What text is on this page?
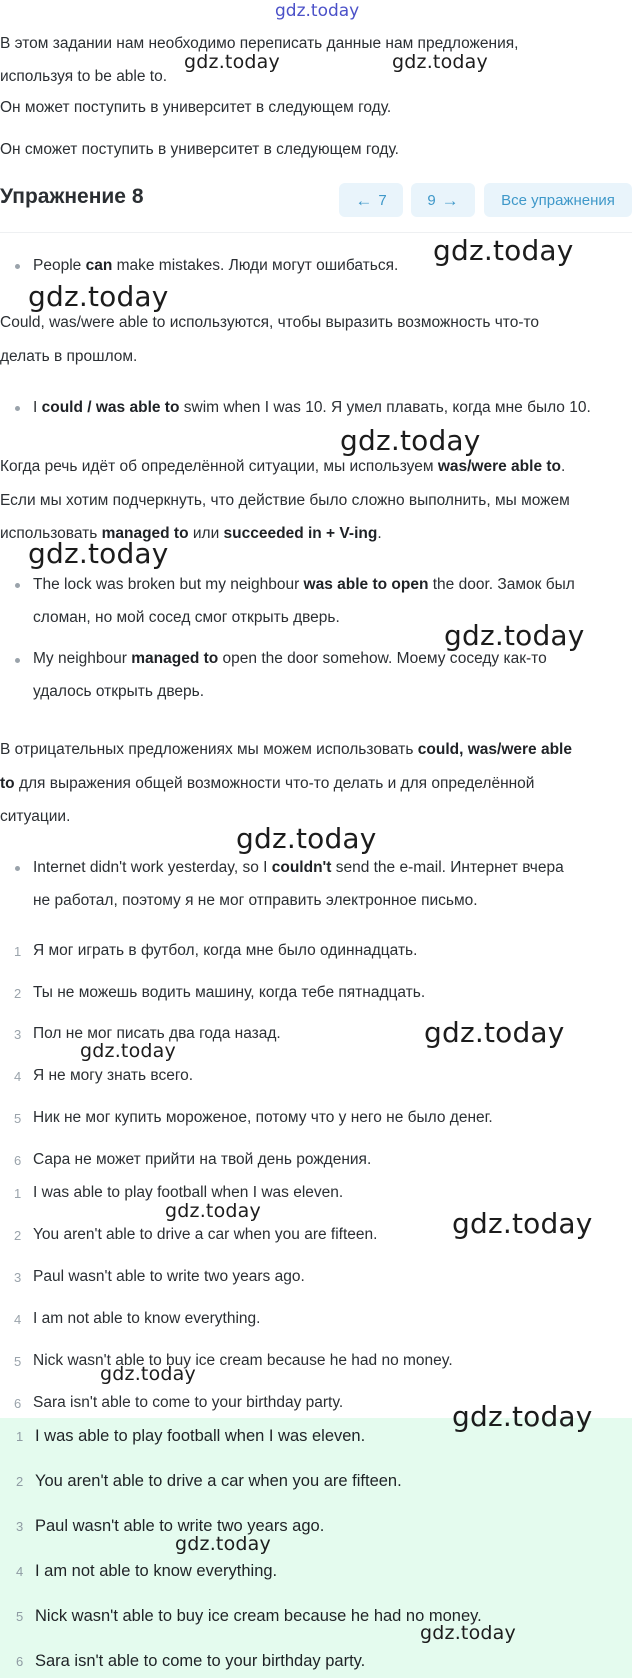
gdz.today
В этом задании нам необходимо переписать данные нам предложения,
используя to be able to.
Он может поступить в университет в следующем году.
Он сможет поступить в университет в следующем году.
Упражнение 8	← 7	9 →	Все упражнения
People can make mistakes. Люди могут ошибаться.
Could, was/were able to используются, чтобы выразить возможность что-то
делать в прошлом.
I could / was able to swim when I was 10. Я умел плавать, когда мне было 10.
Когда речь идёт об определённой ситуации, мы используем was/were able to.
Если мы хотим подчеркнуть, что действие было сложно выполнить, мы можем
использовать managed to или succeeded in + V-ing.
The lock was broken but my neighbour was able to open the door. Замок был
сломан, но мой сосед смог открыть дверь.
My neighbour managed to open the door somehow. Моему соседу как-то
удалось открыть дверь.
В отрицательных предложениях мы можем использовать could, was/were able
to для выражения общей возможности что-то делать и для определённой
ситуации.
Internet didn't work yesterday, so I couldn't send the e-mail. Интернет вчера
не работал, поэтому я не мог отправить электронное письмо.
1 Я мог играть в футбол, когда мне было одиннадцать.
2 Ты не можешь водить машину, когда тебе пятнадцать.
3 Пол не мог писать два года назад.
4 Я не могу знать всего.
5 Ник не мог купить мороженое, потому что у него не было денег.
6 Сара не может прийти на твой день рождения.
1 I was able to play football when I was eleven.
2 You aren't able to drive a car when you are fifteen.
3 Paul wasn't able to write two years ago.
4 I am not able to know everything.
5 Nick wasn't able to buy ice cream because he had no money.
6 Sara isn't able to come to your birthday party.
1 I was able to play football when I was eleven.
2 You aren't able to drive a car when you are fifteen.
3 Paul wasn't able to write two years ago.
4 I am not able to know everything.
5 Nick wasn't able to buy ice cream because he had no money.
6 Sara isn't able to come to your birthday party.
gdz.today	gdz.today
gdz.today
gdz.today
gdz.today
gdz.today
gdz.today
gdz.today
gdz.today
gdz.today
gdz.today	gdz.today
gdz.today
gdz.today
gdz.today
gdz.today
